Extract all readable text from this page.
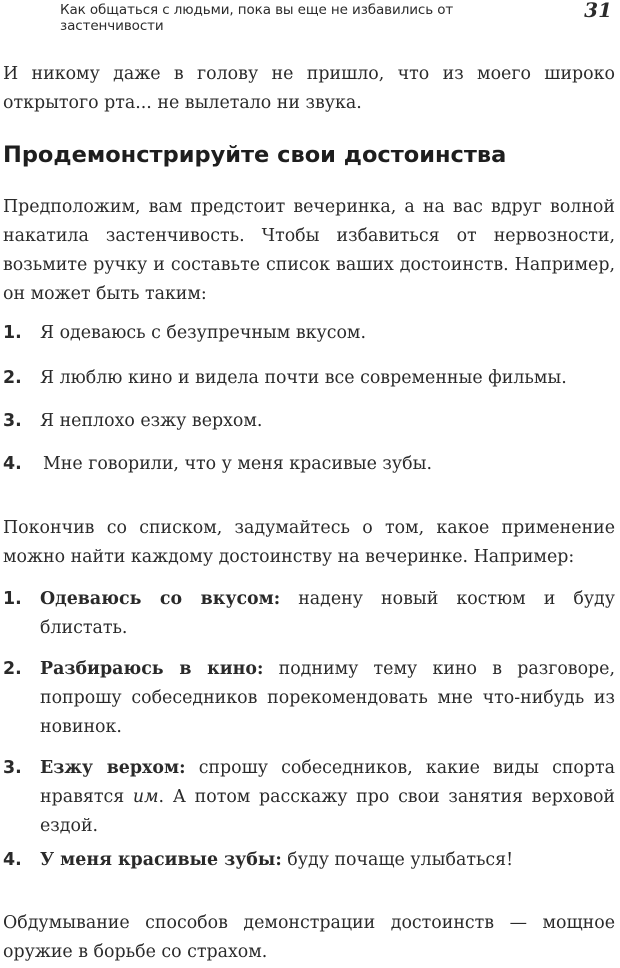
Как общаться с людьми, пока вы еще не избавились от застенчивости
31

И никому даже в голову не пришло, что из моего широко открытого рта... не вылетало ни звука.

Продемонстрируйте свои достоинства

Предположим, вам предстоит вечеринка, а на вас вдруг волной накатила застенчивость. Чтобы избавиться от нервозности, возьмите ручку и составьте список ваших достоинств. Например, он может быть таким:

1. Я одеваюсь с безупречным вкусом.
2. Я люблю кино и видела почти все современные фильмы.
3. Я неплохо езжу верхом.
4. Мне говорили, что у меня красивые зубы.

Покончив со списком, задумайтесь о том, какое применение можно найти каждому достоинству на вечеринке. Например:

1. Одеваюсь со вкусом: надену новый костюм и буду блистать.
2. Разбираюсь в кино: подниму тему кино в разговоре, попрошу собеседников порекомендовать мне что-нибудь из новинок.
3. Езжу верхом: спрошу собеседников, какие виды спорта нравятся им. А потом расскажу про свои занятия верховой ездой.
4. У меня красивые зубы: буду почаще улыбаться!

Обдумывание способов демонстрации достоинств — мощное оружие в борьбе со страхом.
